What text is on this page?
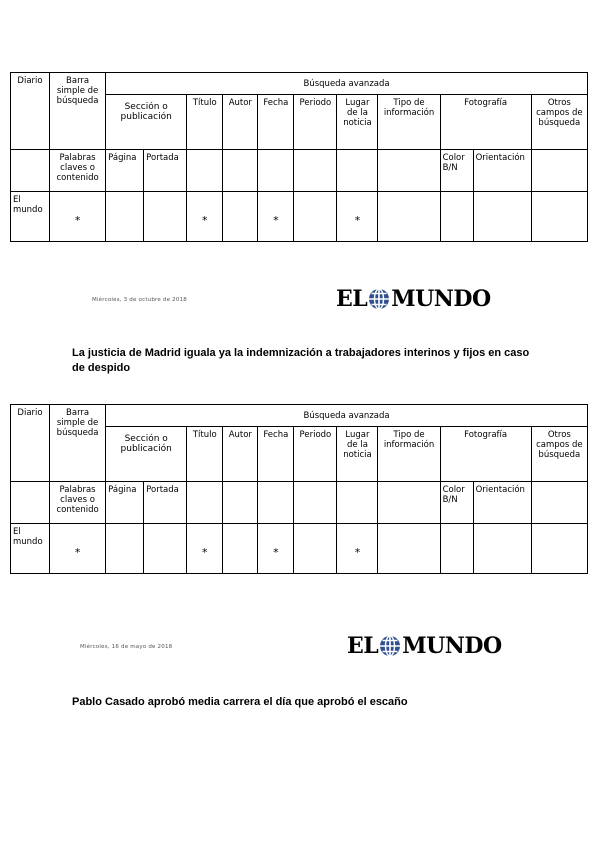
Diario	Barra simple de búsqueda	Búsqueda avanzada										
		Sección o publicación		Título	Autor	Fecha	Periodo	Lugar de la noticia	Tipo de información	Fotografía		Otros campos de búsqueda
	Palabras claves o contenido	Página	Portada							Color B/N	Orientación	
El mundo	*			*		*		*				
Miércoles, 3 de octubre de 2018	EL MUNDO
La justicia de Madrid iguala ya la indemnización a trabajadores interinos y fijos en caso de despido
Diario	Barra simple de búsqueda	Búsqueda avanzada										
		Sección o publicación		Título	Autor	Fecha	Periodo	Lugar de la noticia	Tipo de información	Fotografía		Otros campos de búsqueda
	Palabras claves o contenido	Página	Portada							Color B/N	Orientación	
El mundo	*			*		*		*				
Miércoles, 16 de mayo de 2018	EL MUNDO
Pablo Casado aprobó media carrera el día que aprobó el escaño
